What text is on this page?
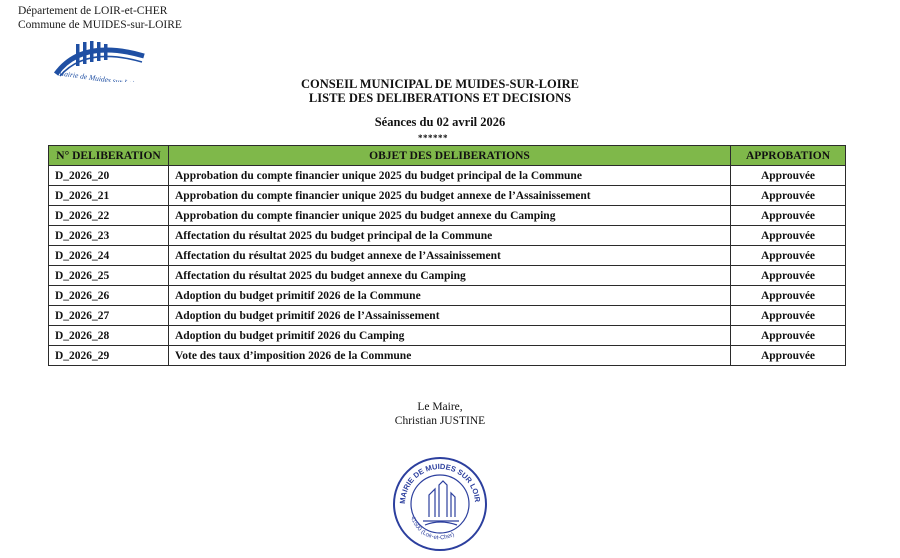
Département de LOIR-et-CHER
Commune de MUIDES-sur-LOIRE
Mairie de Muides sur Loire	CONSEIL MUNICIPAL DE MUIDES-SUR-LOIRE
LISTE DES DELIBERATIONS ET DECISIONS
Séances du 02 avril 2026
******
N° DELIBERATION	OBJET DES DELIBERATIONS	APPROBATION
D_2026_20	Approbation du compte financier unique 2025 du budget principal de la Commune	Approuvée
D_2026_21	Approbation du compte financier unique 2025 du budget annexe de l’Assainissement	Approuvée
D_2026_22	Approbation du compte financier unique 2025 du budget annexe du Camping	Approuvée
D_2026_23	Affectation du résultat 2025 du budget principal de la Commune	Approuvée
D_2026_24	Affectation du résultat 2025 du budget annexe de l’Assainissement	Approuvée
D_2026_25	Affectation du résultat 2025 du budget annexe du Camping	Approuvée
D_2026_26	Adoption du budget primitif 2026 de la Commune	Approuvée
D_2026_27	Adoption du budget primitif 2026 de l’Assainissement	Approuvée
D_2026_28	Adoption du budget primitif 2026 du Camping	Approuvée
D_2026_29	Vote des taux d’imposition 2026 de la Commune	Approuvée
Le Maire,
Christian JUSTINE
MAIRIE DE MUIDES SUR LOIR
41500 (Loir-et-Cher)
